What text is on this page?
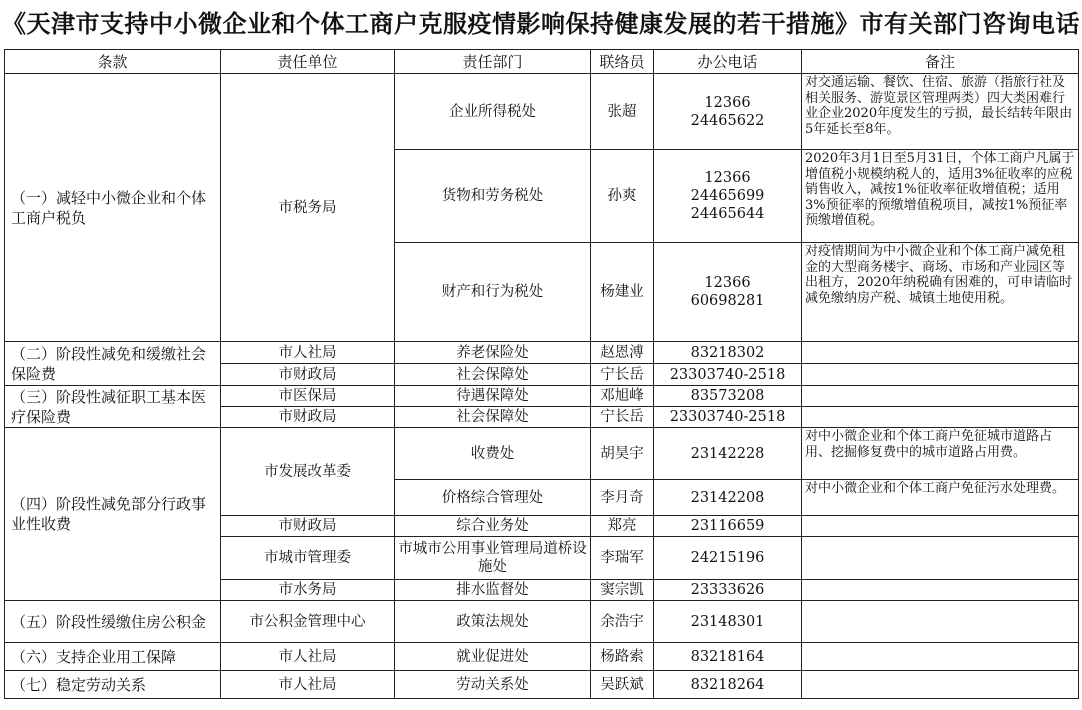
《天津市支持中小微企业和个体工商户克服疫情影响保持健康发展的若干措施》市有关部门咨询电话
条款	责任单位	责任部门	联络员	办公电话	备注
（一）减轻中小微企业和个体工商户税负	市税务局	企业所得税处	张超	12366
24465622	对交通运输、餐饮、住宿、旅游（指旅行社及相关服务、游览景区管理两类）四大类困难行业企业2020年度发生的亏损，最长结转年限由5年延长至8年。
		货物和劳务税处	孙爽	12366
24465699
24465644	2020年3月1日至5月31日，个体工商户凡属于增值税小规模纳税人的，适用3%征收率的应税销售收入，减按1%征收率征收增值税；适用3%预征率的预缴增值税项目，减按1%预征率预缴增值税。
		财产和行为税处	杨建业	12366
60698281	对疫情期间为中小微企业和个体工商户减免租金的大型商务楼宇、商场、市场和产业园区等出租方，2020年纳税确有困难的，可申请临时减免缴纳房产税、城镇土地使用税。
（二）阶段性减免和缓缴社会保险费	市人社局	养老保险处	赵恩溥	83218302	
	市财政局	社会保障处	宁长岳	23303740-2518	
（三）阶段性减征职工基本医疗保险费	市医保局	待遇保障处	邓旭峰	83573208	
	市财政局	社会保障处	宁长岳	23303740-2518	
（四）阶段性减免部分行政事业性收费	市发展改革委	收费处	胡昊宇	23142228	对中小微企业和个体工商户免征城市道路占用、挖掘修复费中的城市道路占用费。
		价格综合管理处	李月奇	23142208	对中小微企业和个体工商户免征污水处理费。
	市财政局	综合业务处	郑亮	23116659	
	市城市管理委	市城市公用事业管理局道桥设施处	李瑞军	24215196	
	市水务局	排水监督处	窦宗凯	23333626	
（五）阶段性缓缴住房公积金	市公积金管理中心	政策法规处	余浩宇	23148301	
（六）支持企业用工保障	市人社局	就业促进处	杨路索	83218164	
（七）稳定劳动关系	市人社局	劳动关系处	吴跃斌	83218264	
